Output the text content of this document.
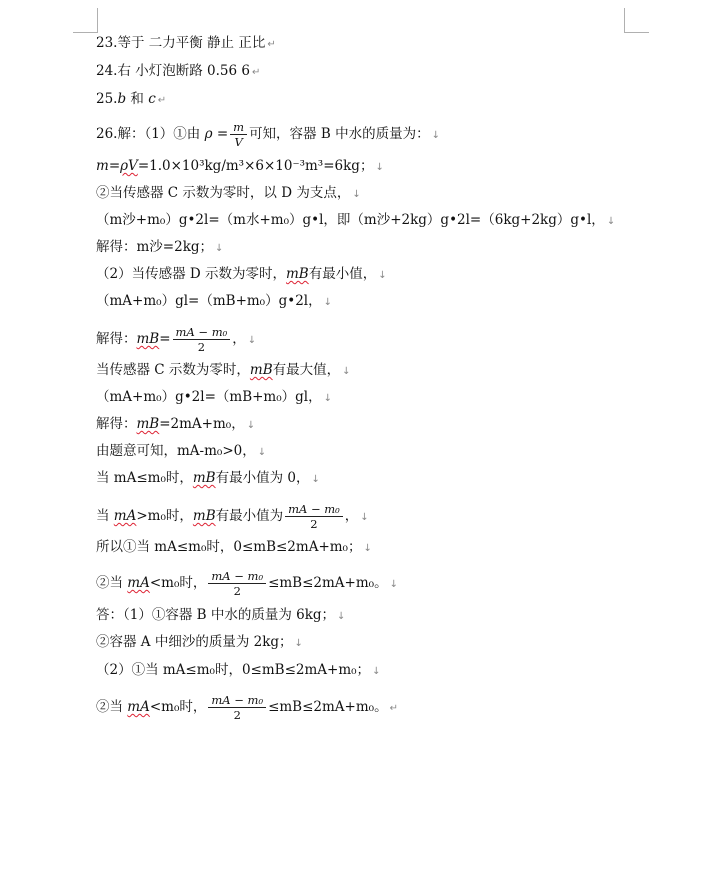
23.等于 二力平衡 静止 正比 ↵
24.右 小灯泡断路 0.56 6 ↵
25.b 和 c ↵
26.解：（1）①由 $\rho = \frac{m}{V}$ 可知，容器 B 中水的质量为： ↓
m=ρV=1.0×10³kg/m³×6×10⁻³m³=6kg； ↓
②当传感器 C 示数为零时，以 D 为支点， ↓
（m沙+m₀）g•2l=（m水+m₀）g•l，即（m沙+2kg）g•2l=（6kg+2kg）g•l， ↓
解得：m沙=2kg； ↓
（2）当传感器 D 示数为零时，mB有最小值， ↓
（mA+m₀）gl=（mB+m₀）g•2l， ↓
解得：$mB= \frac{\text{mA − m₀}}{2}$ ， ↓
当传感器 C 示数为零时，mB有最大值， ↓
（mA+m₀）g•2l=（mB+m₀）gl， ↓
解得：mB=2mA+m₀， ↓
由题意可知，mA-m₀>0， ↓
当 mA≤m₀时，mB有最小值为 0， ↓
当 mA>m₀时，mB有最小值为 $\frac{\text{mA − m₀}}{2}$ ， ↓
所以①当 mA≤m₀时，0≤mB≤2mA+m₀； ↓
②当 mA<m₀时， $\frac{\text{mA − m₀}}{2} \le mB\le 2mA+m_0$。 ↓
答：（1）①容器 B 中水的质量为 6kg； ↓
②容器 A 中细沙的质量为 2kg； ↓
（2）①当 mA≤m₀时，0≤mB≤2mA+m₀； ↓
②当 mA<m₀时， $\frac{\text{mA − m₀}}{2} \le mB\le 2mA+m_0$。 ↵
